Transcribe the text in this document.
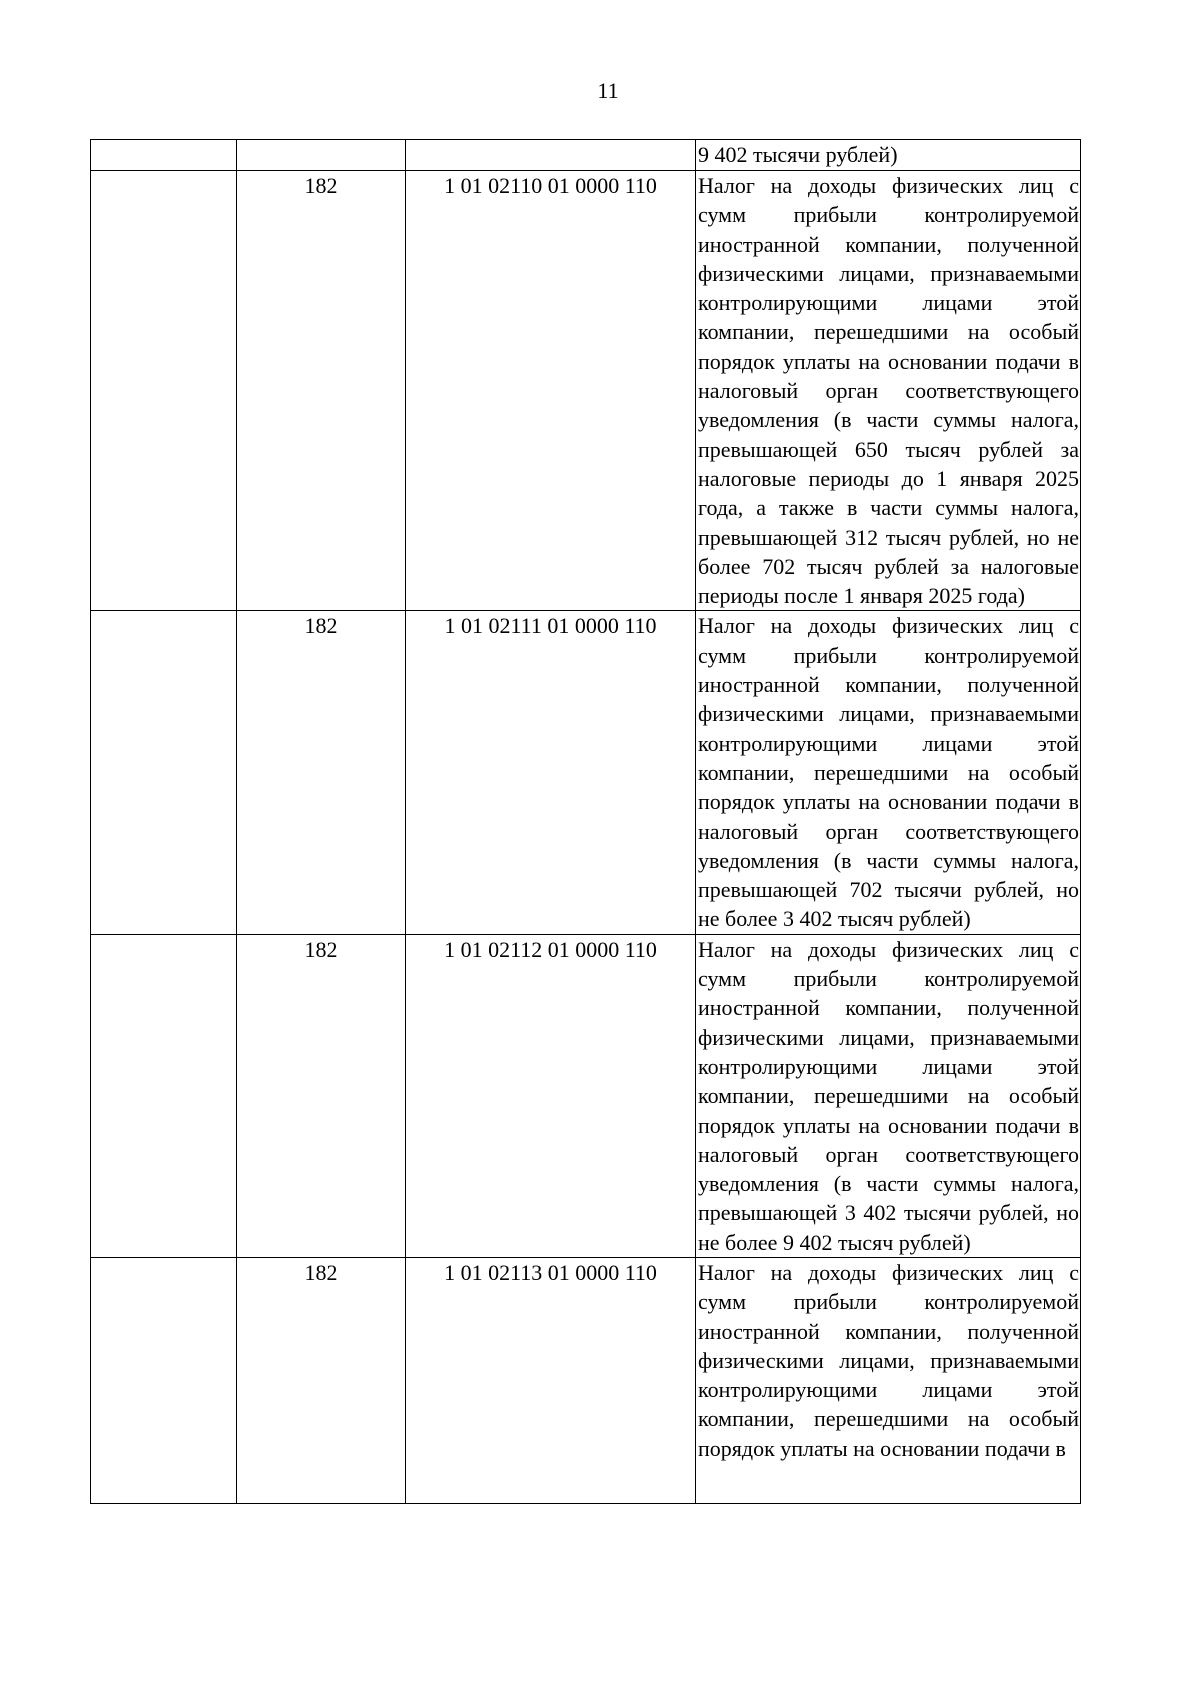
11

			9 402 тысячи рублей)

	182	1 01 02110 01 0000 110	Налог на доходы физических лиц с сумм прибыли контролируемой иностранной компании, полученной физическими лицами, признаваемыми контролирующими лицами этой компании, перешедшими на особый порядок уплаты на основании подачи в налоговый орган соответствующего уведомления (в части суммы налога, превышающей 650 тысяч рублей за налоговые периоды до 1 января 2025 года, а также в части суммы налога, превышающей 312 тысяч рублей, но не более 702 тысяч рублей за налоговые периоды после 1 января 2025 года)

	182	1 01 02111 01 0000 110	Налог на доходы физических лиц с сумм прибыли контролируемой иностранной компании, полученной физическими лицами, признаваемыми контролирующими лицами этой компании, перешедшими на особый порядок уплаты на основании подачи в налоговый орган соответствующего уведомления (в части суммы налога, превышающей 702 тысячи рублей, но не более 3 402 тысяч рублей)

	182	1 01 02112 01 0000 110	Налог на доходы физических лиц с сумм прибыли контролируемой иностранной компании, полученной физическими лицами, признаваемыми контролирующими лицами этой компании, перешедшими на особый порядок уплаты на основании подачи в налоговый орган соответствующего уведомления (в части суммы налога, превышающей 3 402 тысячи рублей, но не более 9 402 тысяч рублей)

	182	1 01 02113 01 0000 110	Налог на доходы физических лиц с сумм прибыли контролируемой иностранной компании, полученной физическими лицами, признаваемыми контролирующими лицами этой компании, перешедшими на особый порядок уплаты на основании подачи в
